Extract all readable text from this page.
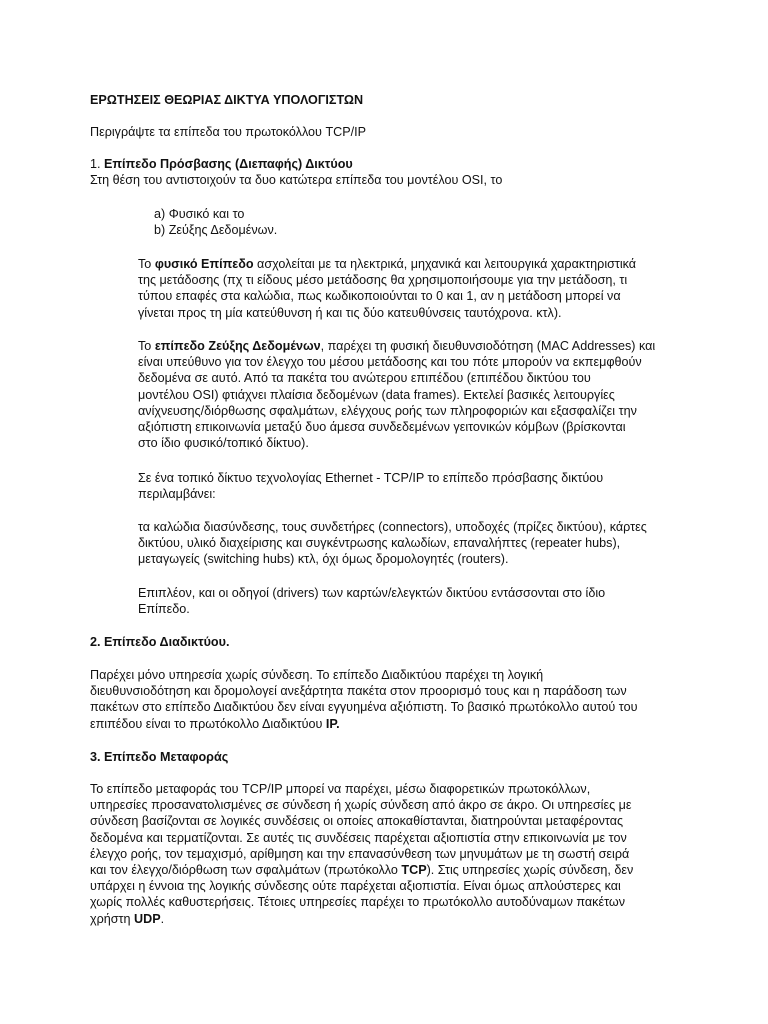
ΕΡΩΤΗΣΕΙΣ ΘΕΩΡΙΑΣ ΔΙΚΤΥΑ ΥΠΟΛΟΓΙΣΤΩΝ

Περιγράψτε τα επίπεδα του πρωτοκόλλου TCP/IP

1. Επίπεδο Πρόσβασης (Διεπαφής) Δικτύου
Στη θέση του αντιστοιχούν τα δυο κατώτερα επίπεδα του μοντέλου OSI, το

a) Φυσικό και το
b) Ζεύξης Δεδομένων.

Το φυσικό Επίπεδο ασχολείται με τα ηλεκτρικά, μηχανικά και λειτουργικά χαρακτηριστικά
της μετάδοσης (πχ τι είδους μέσο μετάδοσης θα χρησιμοποιήσουμε για την μετάδοση, τι
τύπου επαφές στα καλώδια, πως κωδικοποιούνται το 0 και 1, αν η μετάδοση μπορεί να
γίνεται προς τη μία κατεύθυνση ή και τις δύο κατευθύνσεις ταυτόχρονα. κτλ).

Το επίπεδο Ζεύξης Δεδομένων, παρέχει τη φυσική διευθυνσιοδότηση (MAC Addresses) και
είναι υπεύθυνο για τον έλεγχο του μέσου μετάδοσης και του πότε μπορούν να εκπεμφθούν
δεδομένα σε αυτό. Από τα πακέτα του ανώτερου επιπέδου (επιπέδου δικτύου του
μοντέλου OSI) φτιάχνει πλαίσια δεδομένων (data frames). Εκτελεί βασικές λειτουργίες
ανίχνευσης/διόρθωσης σφαλμάτων, ελέγχους ροής των πληροφοριών και εξασφαλίζει την
αξιόπιστη επικοινωνία μεταξύ δυο άμεσα συνδεδεμένων γειτονικών κόμβων (βρίσκονται
στο ίδιο φυσικό/τοπικό δίκτυο).

Σε ένα τοπικό δίκτυο τεχνολογίας Ethernet - TCP/IP το επίπεδο πρόσβασης δικτύου
περιλαμβάνει:

τα καλώδια διασύνδεσης, τους συνδετήρες (connectors), υποδοχές (πρίζες δικτύου), κάρτες
δικτύου, υλικό διαχείρισης και συγκέντρωσης καλωδίων, επαναλήπτες (repeater hubs),
μεταγωγείς (switching hubs) κτλ, όχι όμως δρομολογητές (routers).

Επιπλέον, και οι οδηγοί (drivers) των καρτών/ελεγκτών δικτύου εντάσσονται στο ίδιο
Επίπεδο.

2. Επίπεδο Διαδικτύου.

Παρέχει μόνο υπηρεσία χωρίς σύνδεση. Το επίπεδο Διαδικτύου παρέχει τη λογική
διευθυνσιοδότηση και δρομολογεί ανεξάρτητα πακέτα στον προορισμό τους και η παράδοση των
πακέτων στο επίπεδο Διαδικτύου δεν είναι εγγυημένα αξιόπιστη. Το βασικό πρωτόκολλο αυτού του
επιπέδου είναι το πρωτόκολλο Διαδικτύου IP.

3. Επίπεδο Μεταφοράς

Το επίπεδο μεταφοράς του TCP/IP μπορεί να παρέχει, μέσω διαφορετικών πρωτοκόλλων,
υπηρεσίες προσανατολισμένες σε σύνδεση ή χωρίς σύνδεση από άκρο σε άκρο. Οι υπηρεσίες με
σύνδεση βασίζονται σε λογικές συνδέσεις οι οποίες αποκαθίστανται, διατηρούνται μεταφέροντας
δεδομένα και τερματίζονται. Σε αυτές τις συνδέσεις παρέχεται αξιοπιστία στην επικοινωνία με τον
έλεγχο ροής, τον τεμαχισμό, αρίθμηση και την επανασύνθεση των μηνυμάτων με τη σωστή σειρά
και τον έλεγχο/διόρθωση των σφαλμάτων (πρωτόκολλο TCP). Στις υπηρεσίες χωρίς σύνδεση, δεν
υπάρχει η έννοια της λογικής σύνδεσης ούτε παρέχεται αξιοπιστία. Είναι όμως απλούστερες και
χωρίς πολλές καθυστερήσεις. Τέτοιες υπηρεσίες παρέχει το πρωτόκολλο αυτοδύναμων πακέτων
χρήστη UDP.
